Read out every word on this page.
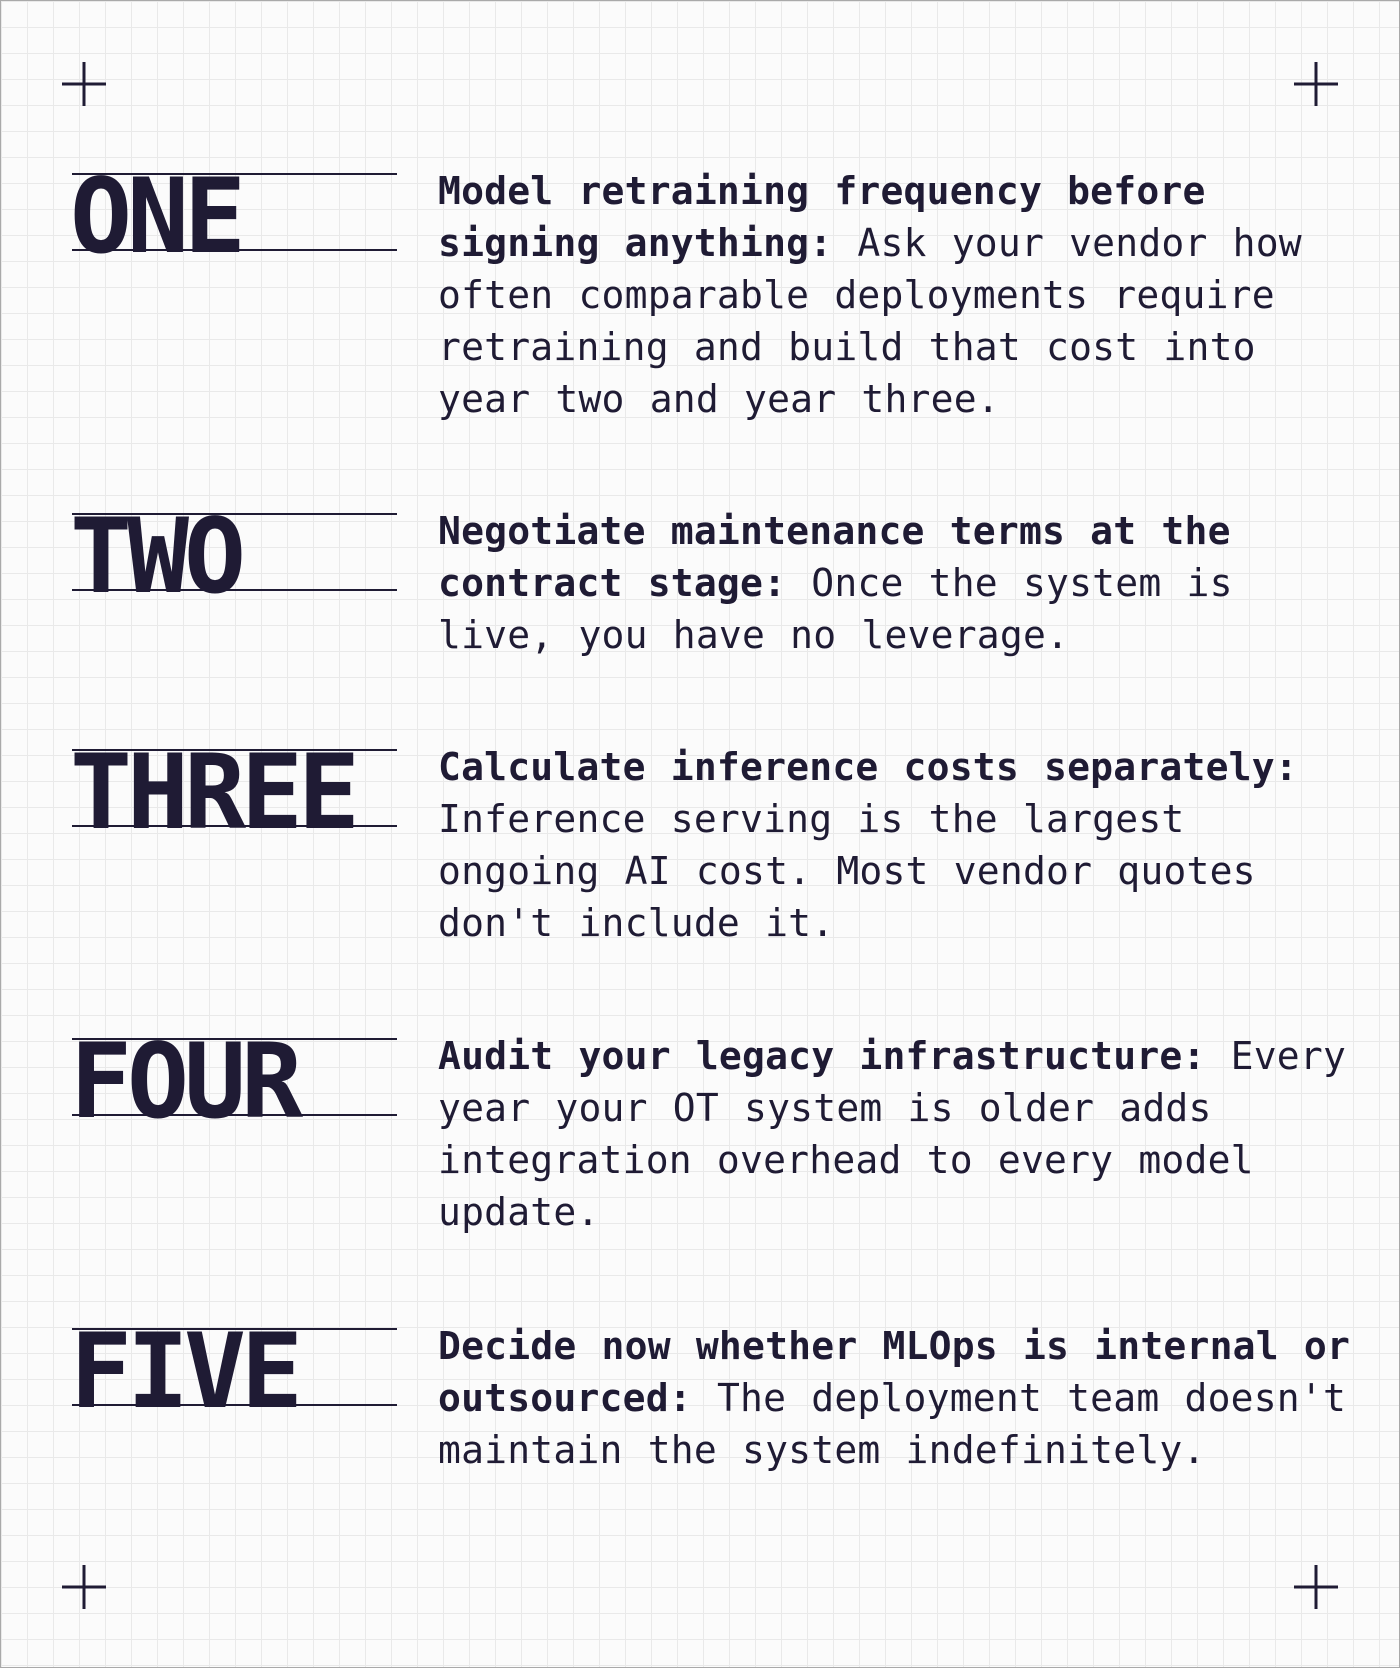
ONE	Model retraining frequency before signing anything: Ask your vendor how often comparable deployments require retraining and build that cost into year two and year three.
TWO	Negotiate maintenance terms at the contract stage: Once the system is live, you have no leverage.
THREE Calculate inference costs separately: Inference serving is the largest ongoing AI cost. Most vendor quotes don't include it.
FOUR	Audit your legacy infrastructure: Every year your OT system is older adds integration overhead to every model update.
FIVE	Decide now whether MLOps is internal or outsourced: The deployment team doesn't maintain the system indefinitely.
